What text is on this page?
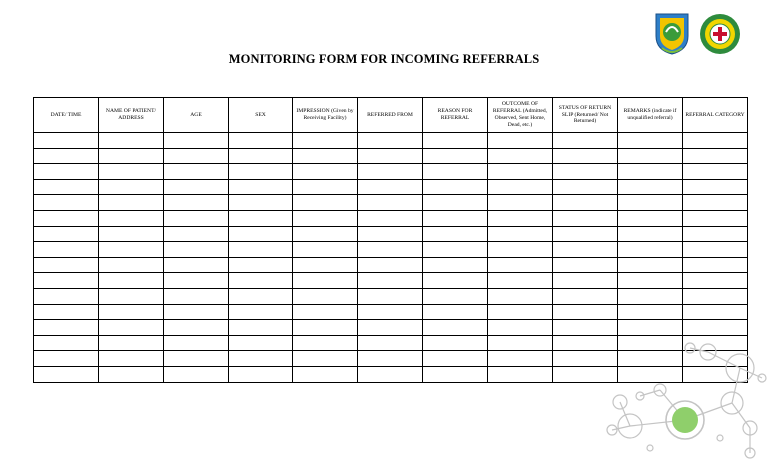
MONITORING FORM FOR INCOMING REFERRALS
DATE/ TIME	NAME OF PATIENT/ ADDRESS	AGE	SEX	IMPRESSION (Given by Receiving Facility)	REFERRED FROM	REASON FOR REFERRAL	OUTCOME OF REFERRAL (Admitted, Observed, Sent Home, Dead, etc.)	STATUS OF RETURN SLIP (Returned/ Not Returned)	REMARKS (indicate if unqualified referral)	REFERRAL CATEGORY
